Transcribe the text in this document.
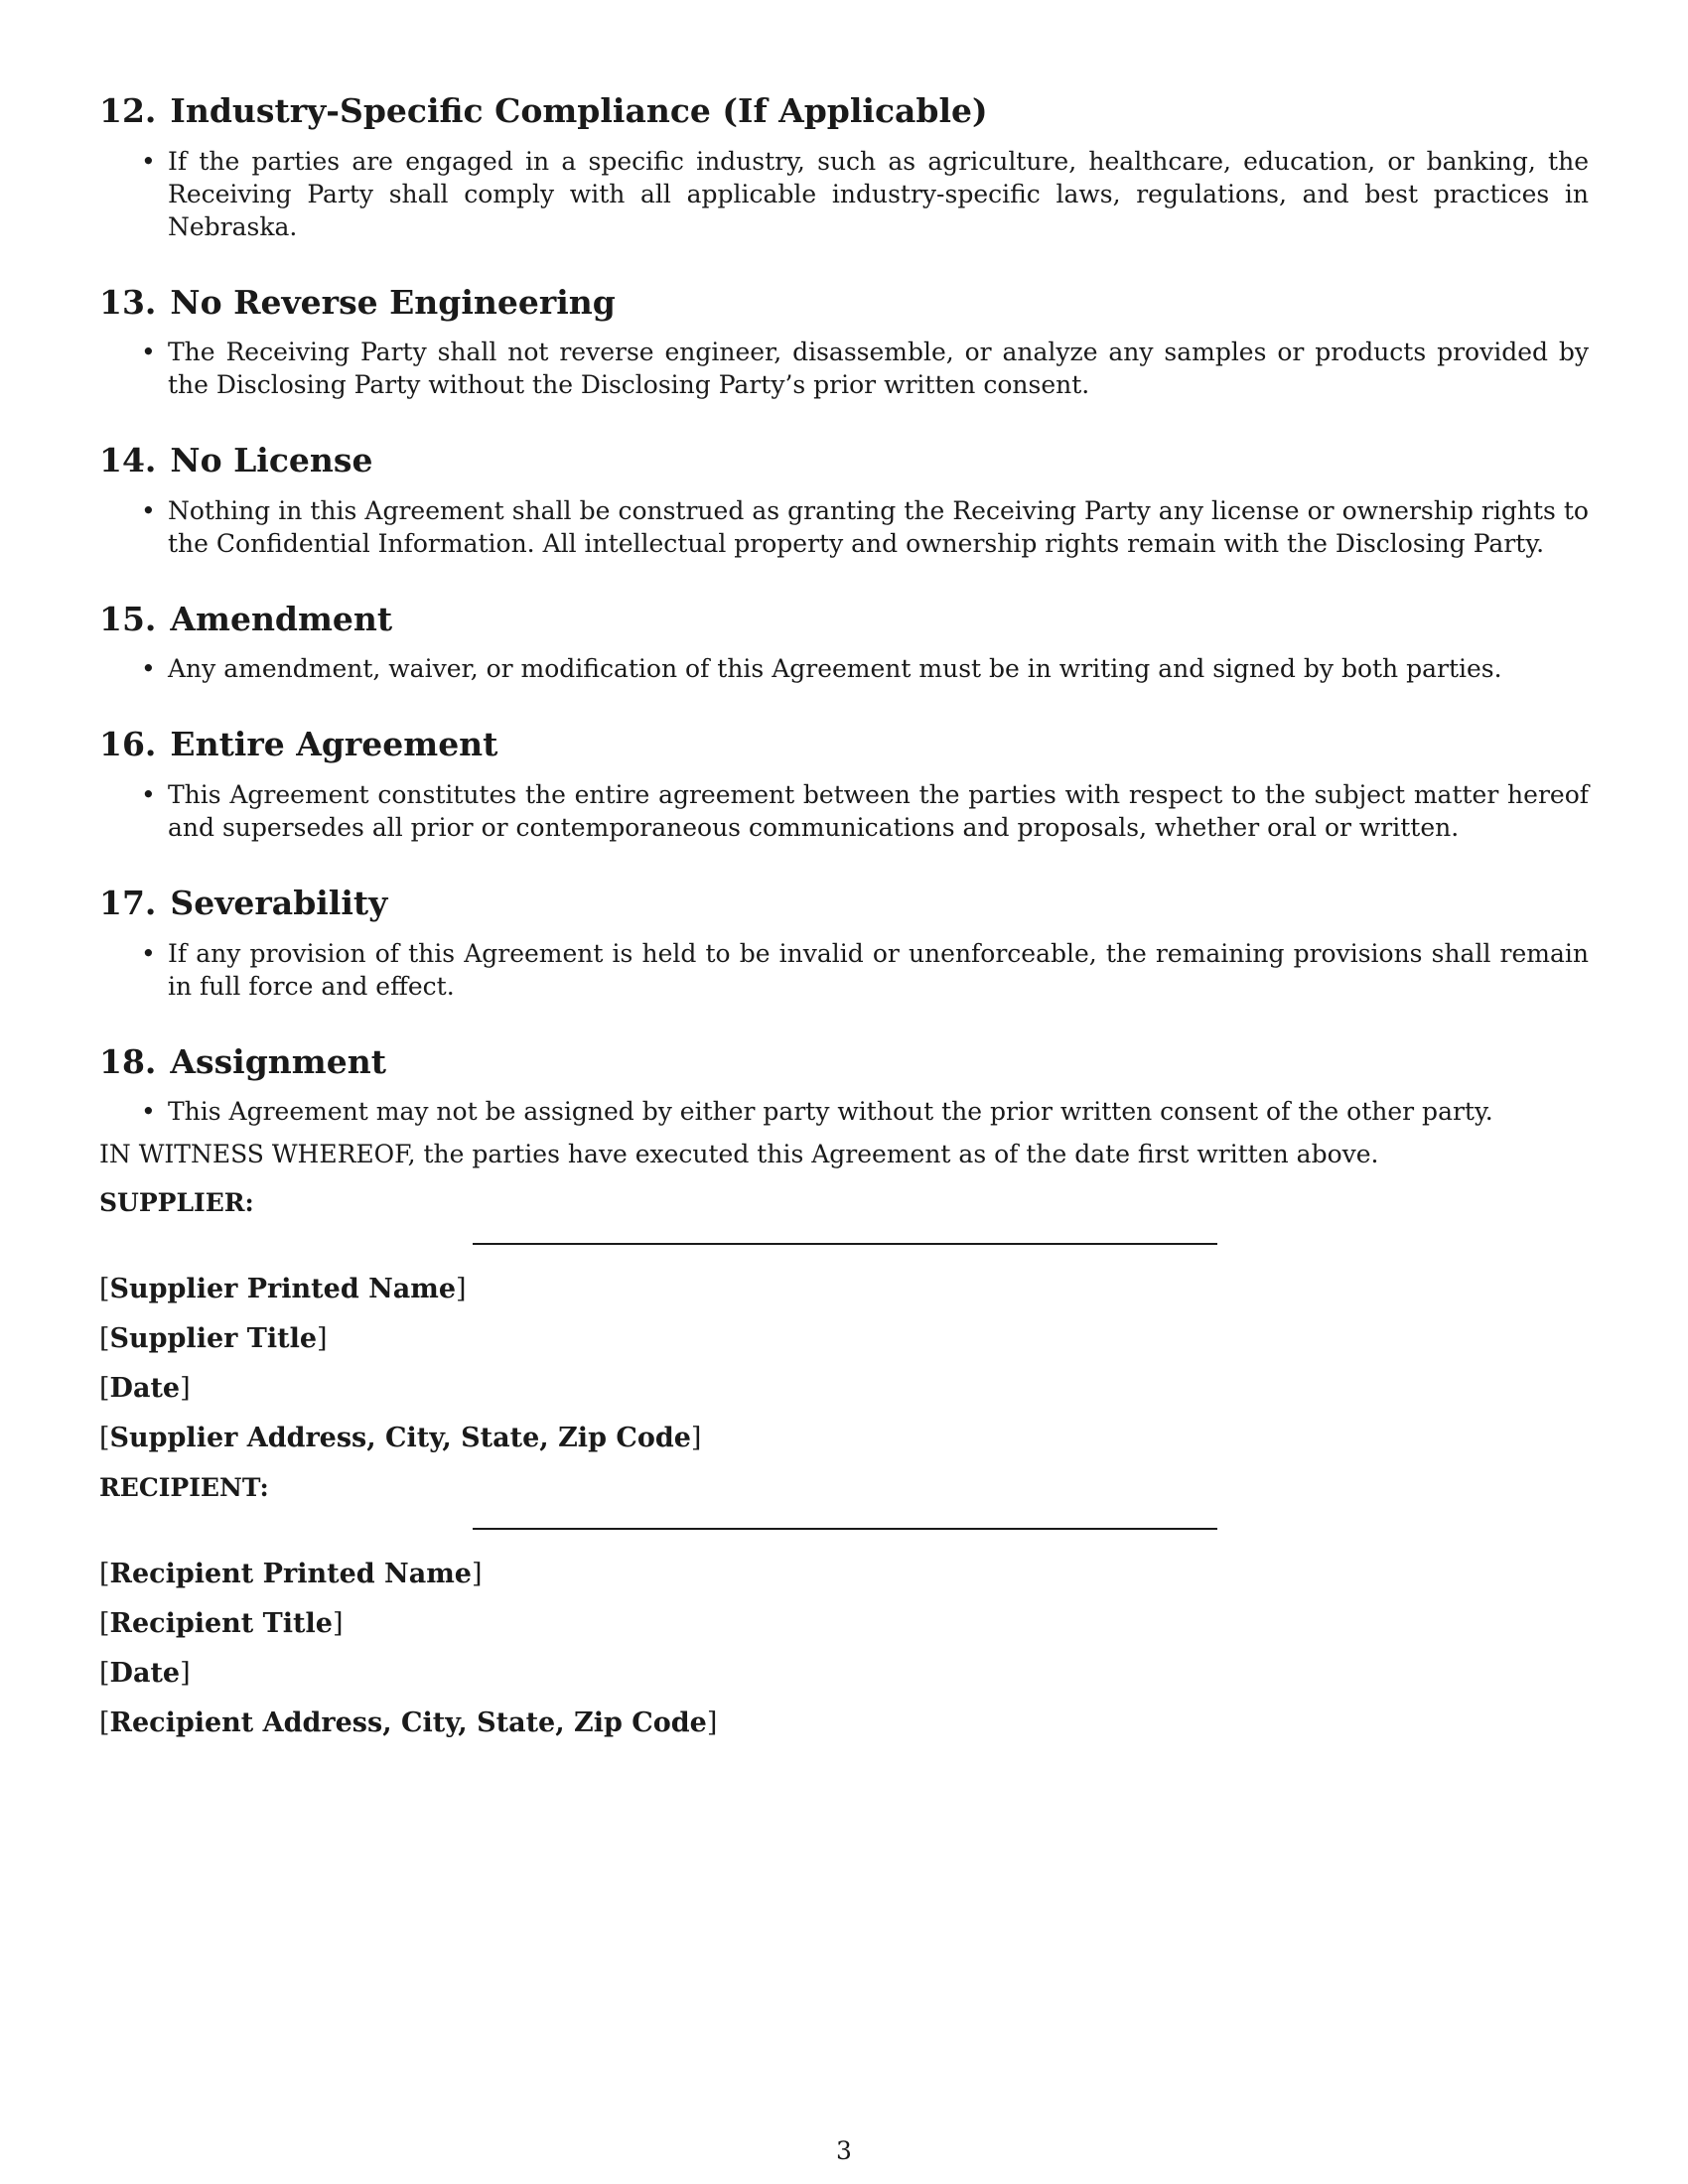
12. Industry-Specific Compliance (If Applicable)
• If the parties are engaged in a specific industry, such as agriculture, healthcare, education, or banking, the Receiving Party shall comply with all applicable industry-specific laws, regulations, and best practices in Nebraska.
13. No Reverse Engineering
• The Receiving Party shall not reverse engineer, disassemble, or analyze any samples or products provided by the Disclosing Party without the Disclosing Party’s prior written consent.
14. No License
• Nothing in this Agreement shall be construed as granting the Receiving Party any license or ownership rights to the Confidential Information. All intellectual property and ownership rights remain with the Disclosing Party.
15. Amendment
• Any amendment, waiver, or modification of this Agreement must be in writing and signed by both parties.
16. Entire Agreement
• This Agreement constitutes the entire agreement between the parties with respect to the subject matter hereof and supersedes all prior or contemporaneous communications and proposals, whether oral or written.
17. Severability
• If any provision of this Agreement is held to be invalid or unenforceable, the remaining provisions shall remain in full force and effect.
18. Assignment
• This Agreement may not be assigned by either party without the prior written consent of the other party.

IN WITNESS WHEREOF, the parties have executed this Agreement as of the date first written above.

SUPPLIER:

[Supplier Printed Name]

[Supplier Title]

[Date]

[Supplier Address, City, State, Zip Code]

RECIPIENT:

[Recipient Printed Name]

[Recipient Title]

[Date]

[Recipient Address, City, State, Zip Code]

3
